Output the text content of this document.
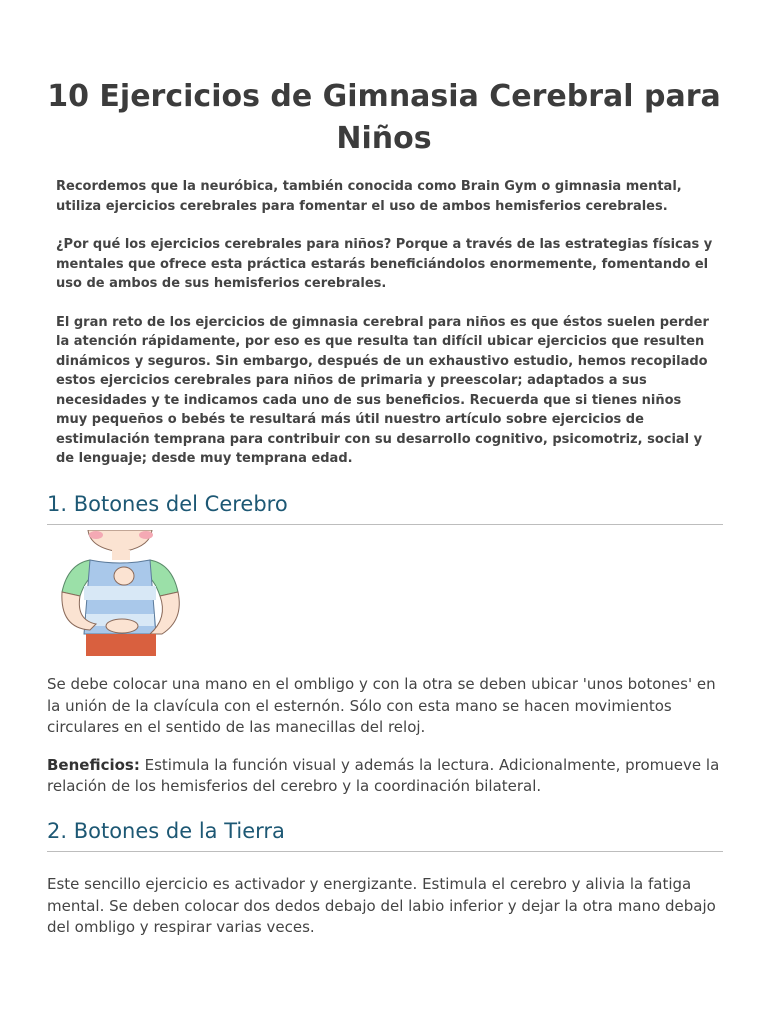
10 Ejercicios de Gimnasia Cerebral para Niños

Recordemos que la neuróbica, también conocida como Brain Gym o gimnasia mental, utiliza ejercicios cerebrales para fomentar el uso de ambos hemisferios cerebrales.

¿Por qué los ejercicios cerebrales para niños? Porque a través de las estrategias físicas y mentales que ofrece esta práctica estarás beneficiándolos enormemente, fomentando el uso de ambos de sus hemisferios cerebrales.

El gran reto de los ejercicios de gimnasia cerebral para niños es que éstos suelen perder la atención rápidamente, por eso es que resulta tan difícil ubicar ejercicios que resulten dinámicos y seguros. Sin embargo, después de un exhaustivo estudio, hemos recopilado estos ejercicios cerebrales para niños de primaria y preescolar; adaptados a sus necesidades y te indicamos cada uno de sus beneficios. Recuerda que si tienes niños muy pequeños o bebés te resultará más útil nuestro artículo sobre ejercicios de estimulación temprana para contribuir con su desarrollo cognitivo, psicomotriz, social y de lenguaje; desde muy temprana edad.

1. Botones del Cerebro

Se debe colocar una mano en el ombligo y con la otra se deben ubicar 'unos botones' en la unión de la clavícula con el esternón. Sólo con esta mano se hacen movimientos circulares en el sentido de las manecillas del reloj.

Beneficios: Estimula la función visual y además la lectura. Adicionalmente, promueve la relación de los hemisferios del cerebro y la coordinación bilateral.

2. Botones de la Tierra

Este sencillo ejercicio es activador y energizante. Estimula el cerebro y alivia la fatiga mental. Se deben colocar dos dedos debajo del labio inferior y dejar la otra mano debajo del ombligo y respirar varias veces.
